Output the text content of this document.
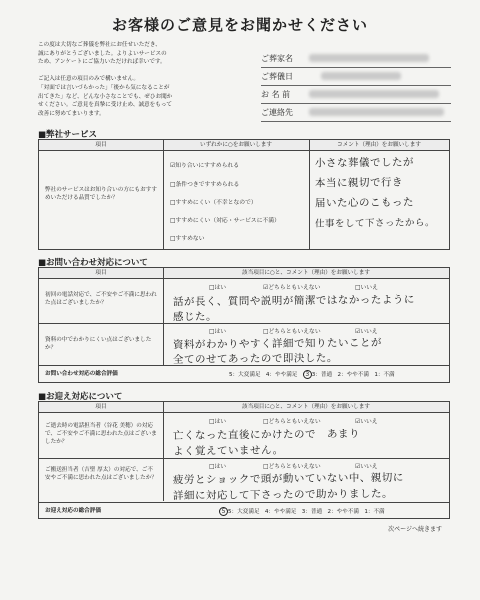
お客様のご意見をお聞かせください
この度は大切なご葬儀を弊社にお任せいただき、
誠にありがとうございました。よりよいサービスの
ため、アンケートにご協力いただければ幸いです。

ご記入は任意の項目のみで構いません。
「対面では言いづらかった」「後から気になることが
出てきた」など、どんな小さなことでも、ぜひお聞か
せください。ご意見を真摯に受け止め、誠意をもって
改善に努めてまいります。
ご葬家名
ご葬儀日
お 名 前
ご連絡先
■弊社サービス
項目	いずれかに○をお願いします	コメント（理由）をお願いします
弊社のサービスはお知り合いの方にもおすすめいただける品質でしたか？
☑知り合いにすすめられる
□条件つきですすめられる
□すすめにくい（不幸となので）
□すすめにくい（対応・サービスに不満）
□すすめない
小さな葬儀でしたが
本当に親切で行き
届いた心のこもった
仕事をして下さったから。
■お問い合わせ対応について
項目	該当項目に○と、コメント（理由）をお願いします
初回の電話対応で、ご不安やご不満に思われた点はございましたか？
□はい	☑どちらともいえない	□いいえ
話が長く、質問や説明が簡潔ではなかったように
感じた。
資料の中でわかりにくい点はございましたか？
□はい	□どちらともいえない	☑いいえ
資料がわかりやすく詳細で知りたいことが
全てのせてあったので即決した。
お問い合わせ対応の総合評価	5：大変満足 4：やや満足 3 3：普通 2：やや不満 1：不満
■お迎え対応について
項目	該当項目に○と、コメント（理由）をお願いします
ご逝去時の電話担当者（谷花 美穂）の対応で、ご不安やご不満に思われた点はございましたか？
□はい	□どちらともいえない	☑いいえ
亡くなった直後にかけたので　あまり
よく覚えていません。
ご搬送担当者（吉聖 厚太）の対応で、ご不安やご不満に思われた点はございましたか？
□はい	□どちらともいえない	☑いいえ
疲労とショックで頭が動いていない中、親切に
詳細に対応して下さったので助かりました。
お迎え対応の総合評価	5 5：大変満足 4：やや満足 3：普通 2：やや不満 1：不満
次ページへ続きます
